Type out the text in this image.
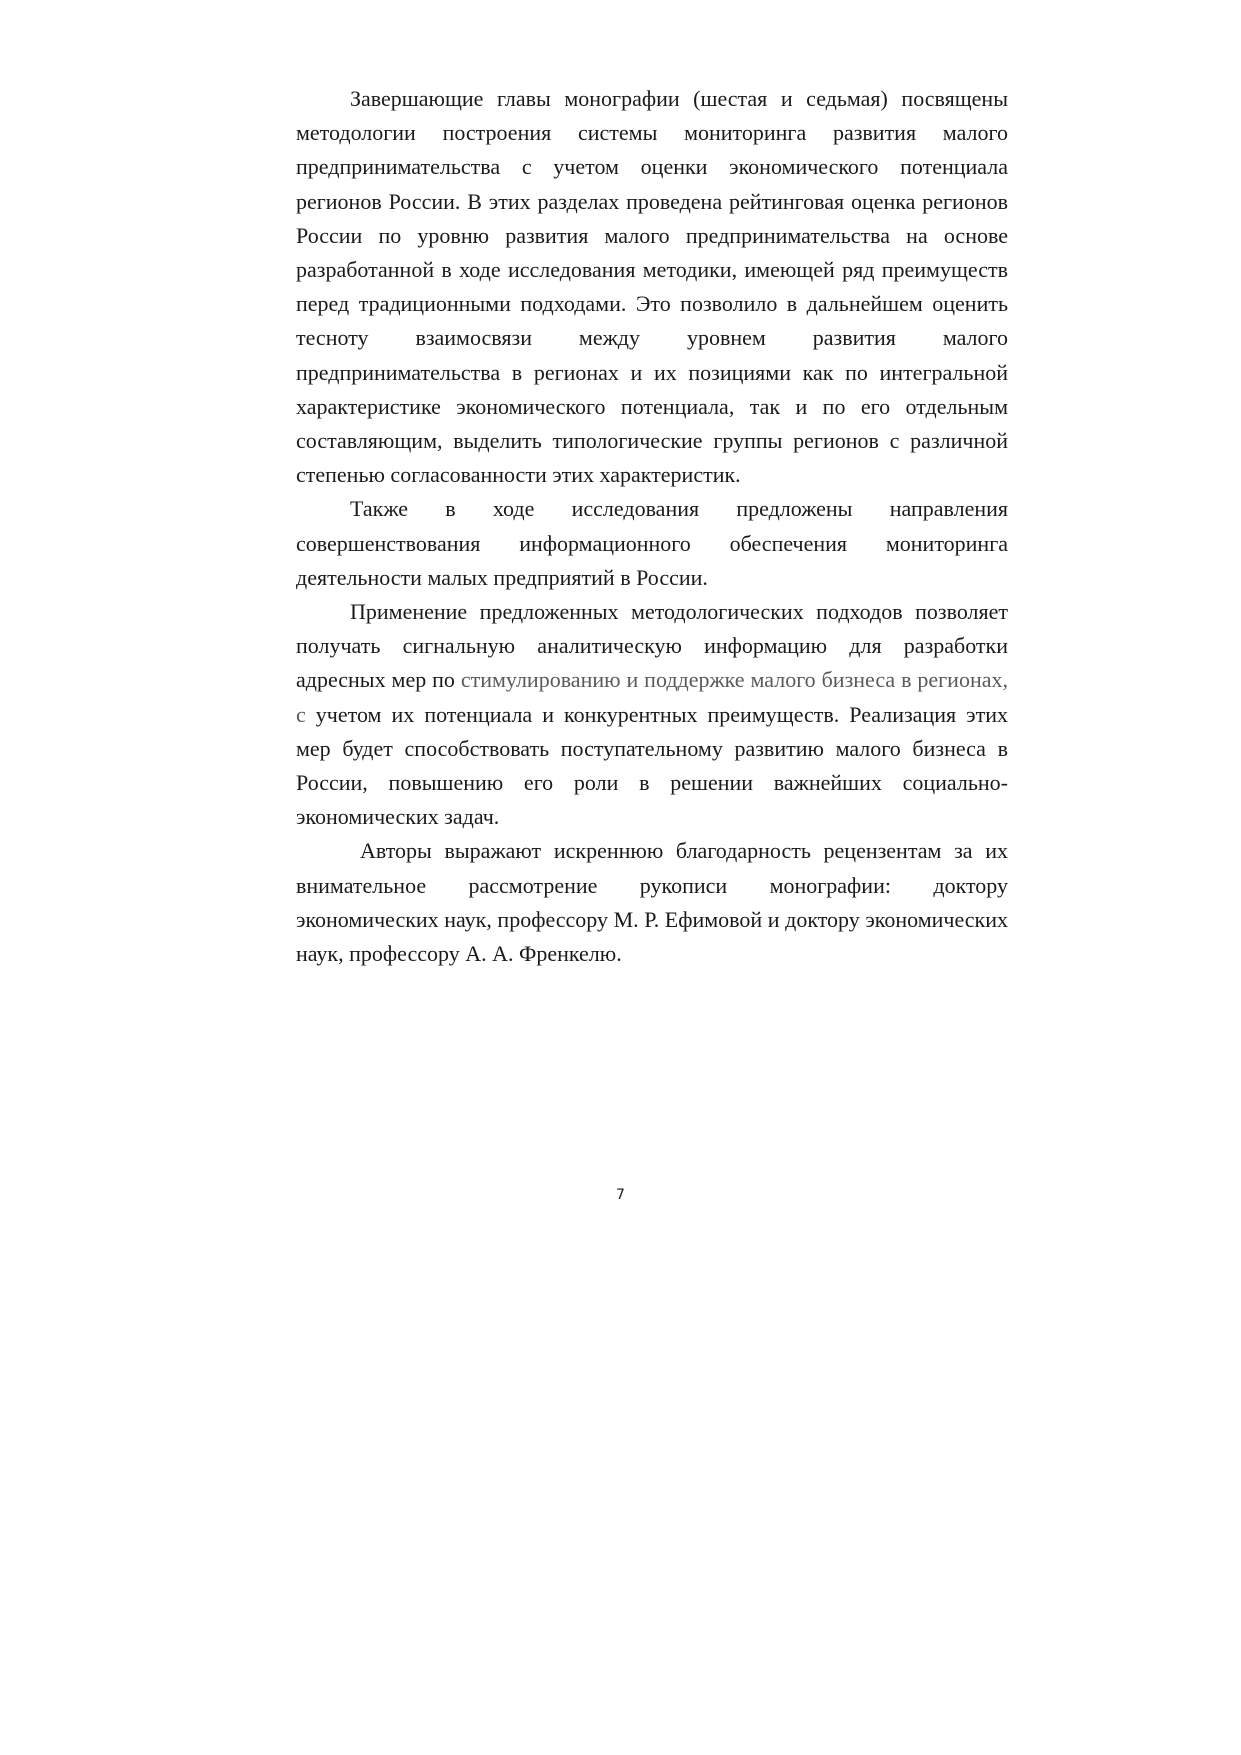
Завершающие главы монографии (шестая и седьмая) посвящены методологии построения системы мониторинга развития малого предпринимательства с учетом оценки экономического потенциала регионов России. В этих разделах проведена рейтинговая оценка регионов России по уровню развития малого предпринимательства на основе разработанной в ходе исследования методики, имеющей ряд преимуществ перед традиционными подходами. Это позволило в дальнейшем оценить тесноту взаимосвязи между уровнем развития малого предпринимательства в регионах и их позициями как по интегральной характеристике экономического потенциала, так и по его отдельным составляющим, выделить типологические группы регионов с различной степенью согласованности этих характеристик.

Также в ходе исследования предложены направления совершенствования информационного обеспечения мониторинга деятельности малых предприятий в России.

Применение предложенных методологических подходов позволяет получать сигнальную аналитическую информацию для разработки адресных мер по стимулированию и поддержке малого бизнеса в регионах, с учетом их потенциала и конкурентных преимуществ. Реализация этих мер будет способствовать поступательному развитию малого бизнеса в России, повышению его роли в решении важнейших социально-экономических задач.

Авторы выражают искреннюю благодарность рецензентам за их внимательное рассмотрение рукописи монографии: доктору экономических наук, профессору М. Р. Ефимовой и доктору экономических наук, профессору А. А. Френкелю.

7
